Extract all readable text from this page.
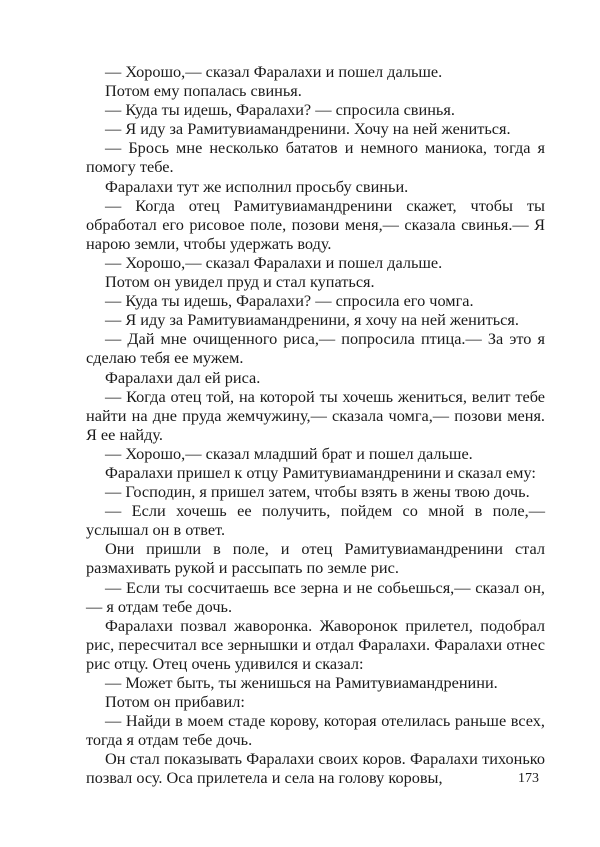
— Хорошо,— сказал Фаралахи и пошел дальше.

Потом ему попалась свинья.

— Куда ты идешь, Фаралахи? — спросила свинья.

— Я иду за Рамитувиамандренини. Хочу на ней жениться.

— Брось мне несколько бататов и немного маниока, тогда я помогу тебе.

Фаралахи тут же исполнил просьбу свиньи.

— Когда отец Рамитувиамандренини скажет, чтобы ты обработал его рисовое поле, позови меня,— сказала свинья.— Я нарою земли, чтобы удержать воду.

— Хорошо,— сказал Фаралахи и пошел дальше.

Потом он увидел пруд и стал купаться.

— Куда ты идешь, Фаралахи? — спросила его чомга.

— Я иду за Рамитувиамандренини, я хочу на ней жениться.

— Дай мне очищенного риса,— попросила птица.— За это я сделаю тебя ее мужем.

Фаралахи дал ей риса.

— Когда отец той, на которой ты хочешь жениться, велит тебе найти на дне пруда жемчужину,— сказала чомга,— позови меня. Я ее найду.

— Хорошо,— сказал младший брат и пошел дальше.

Фаралахи пришел к отцу Рамитувиамандренини и сказал ему:

— Господин, я пришел затем, чтобы взять в жены твою дочь.

— Если хочешь ее получить, пойдем со мной в поле,— услышал он в ответ.

Они пришли в поле, и отец Рамитувиамандренини стал размахивать рукой и рассыпать по земле рис.

— Если ты сосчитаешь все зерна и не собьешься,— сказал он,— я отдам тебе дочь.

Фаралахи позвал жаворонка. Жаворонок прилетел, подобрал рис, пересчитал все зернышки и отдал Фаралахи. Фаралахи отнес рис отцу. Отец очень удивился и сказал:

— Может быть, ты женишься на Рамитувиамандренини.

Потом он прибавил:

— Найди в моем стаде корову, которая отелилась раньше всех, тогда я отдам тебе дочь.

Он стал показывать Фаралахи своих коров. Фаралахи тихонько позвал осу. Оса прилетела и села на голову коровы,	173
